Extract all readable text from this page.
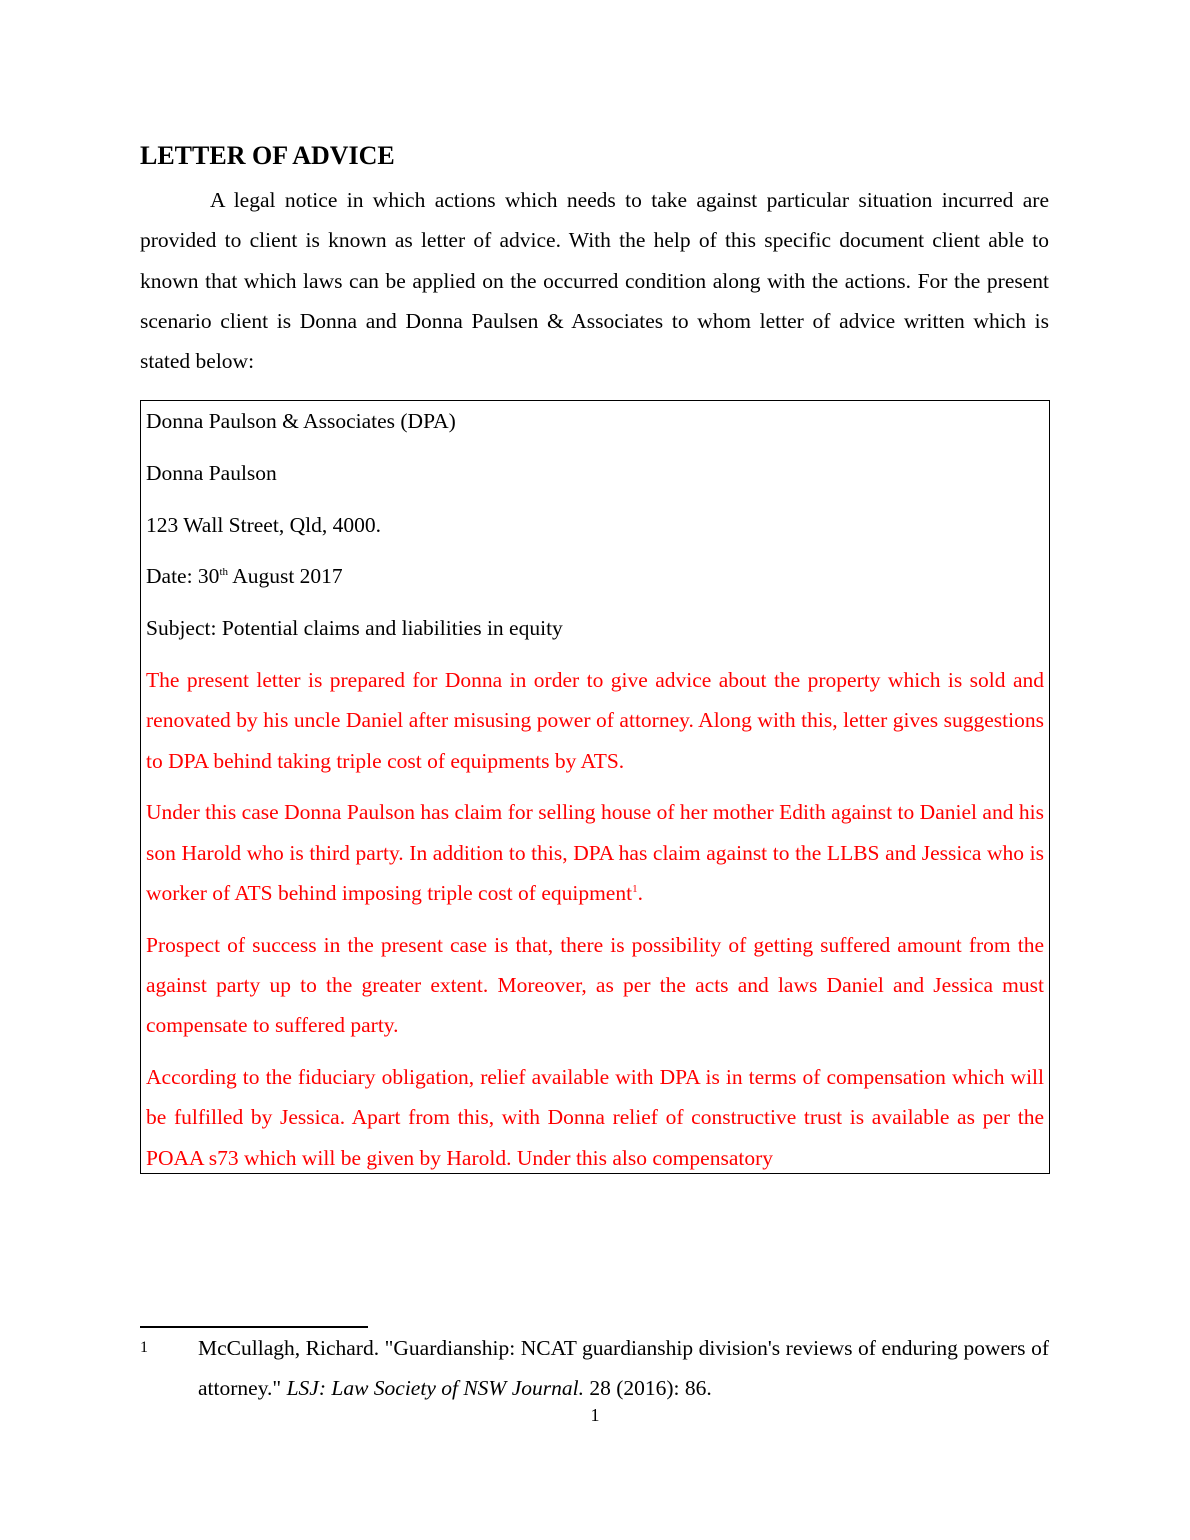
LETTER OF ADVICE

A legal notice in which actions which needs to take against particular situation incurred are provided to client is known as letter of advice. With the help of this specific document client able to known that which laws can be applied on the occurred condition along with the actions. For the present scenario client is Donna and Donna Paulsen & Associates to whom letter of advice written which is stated below:

Donna Paulson & Associates (DPA)

Donna Paulson

123 Wall Street, Qld, 4000.

Date: 30th August 2017

Subject: Potential claims and liabilities in equity

The present letter is prepared for Donna in order to give advice about the property which is sold and renovated by his uncle Daniel after misusing power of attorney. Along with this, letter gives suggestions to DPA behind taking triple cost of equipments by ATS.

Under this case Donna Paulson has claim for selling house of her mother Edith against to Daniel and his son Harold who is third party. In addition to this, DPA has claim against to the LLBS and Jessica who is worker of ATS behind imposing triple cost of equipment$^1$.

Prospect of success in the present case is that, there is possibility of getting suffered amount from the against party up to the greater extent. Moreover, as per the acts and laws Daniel and Jessica must compensate to suffered party.

According to the fiduciary obligation, relief available with DPA is in terms of compensation which will be fulfilled by Jessica. Apart from this, with Donna relief of constructive trust is available as per the POAA s73 which will be given by Harold. Under this also compensatory

1 McCullagh, Richard. "Guardianship: NCAT guardianship division's reviews of enduring powers of attorney." LSJ: Law Society of NSW Journal. 28 (2016): 86.

1
